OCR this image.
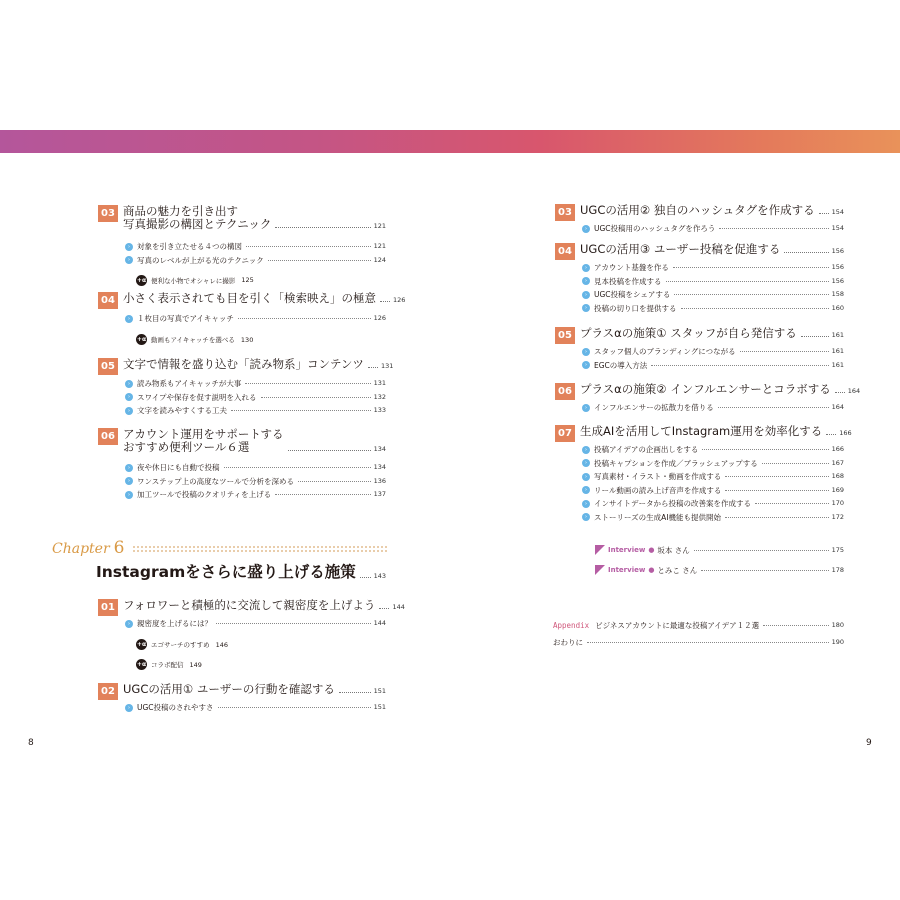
03 商品の魅力を引き出す
写真撮影の構図とテクニック	121
› 対象を引き立たせる４つの構図	121
› 写真のレベルが上がる光のテクニック	124
+α 便利な小物でオシャレに撮影 125
04 小さく表示されても目を引く「検索映え」の極意	126
› １枚目の写真でアイキャッチ	126
+α 動画もアイキャッチを選べる 130
05 文字で情報を盛り込む「読み物系」コンテンツ	131
› 読み物系もアイキャッチが大事	131
› スワイプや保存を促す説明を入れる	132
› 文字を読みやすくする工夫	133
06 アカウント運用をサポートする
おすすめ便利ツール６選	134
› 夜や休日にも自動で投稿	134
› ワンステップ上の高度なツールで分析を深める	136
› 加工ツールで投稿のクオリティを上げる	137
Chapter 6
Instagramをさらに盛り上げる施策	143
01 フォロワーと積極的に交流して親密度を上げよう	144
› 親密度を上げるには？	144
+α エゴサーチのすすめ 146
+α コラボ配信 149
02 UGCの活用① ユーザーの行動を確認する	151
› UGC投稿のされやすさ	151
03 UGCの活用② 独自のハッシュタグを作成する	154
› UGC投稿用のハッシュタグを作ろう	154
04 UGCの活用③ ユーザー投稿を促進する	156
› アカウント基盤を作る	156
› 見本投稿を作成する	156
› UGC投稿をシェアする	158
› 投稿の切り口を提供する	160
05 プラスαの施策① スタッフが自ら発信する	161
› スタッフ個人のブランディングにつながる	161
› EGCの導入方法	161
06 プラスαの施策② インフルエンサーとコラボする	164
› インフルエンサーの拡散力を借りる	164
07 生成AIを活用してInstagram運用を効率化する	166
› 投稿アイデアの企画出しをする	166
› 投稿キャプションを作成／ブラッシュアップする	167
› 写真素材・イラスト・動画を作成する	168
› リール動画の読み上げ音声を作成する	169
› インサイトデータから投稿の改善案を作成する	170
› ストーリーズの生成AI機能も提供開始	172
Interview ● 坂本 さん	175
Interview ● とみこ さん	178
Appendix ビジネスアカウントに最適な投稿アイデア１２選	180
おわりに	190
8	9
